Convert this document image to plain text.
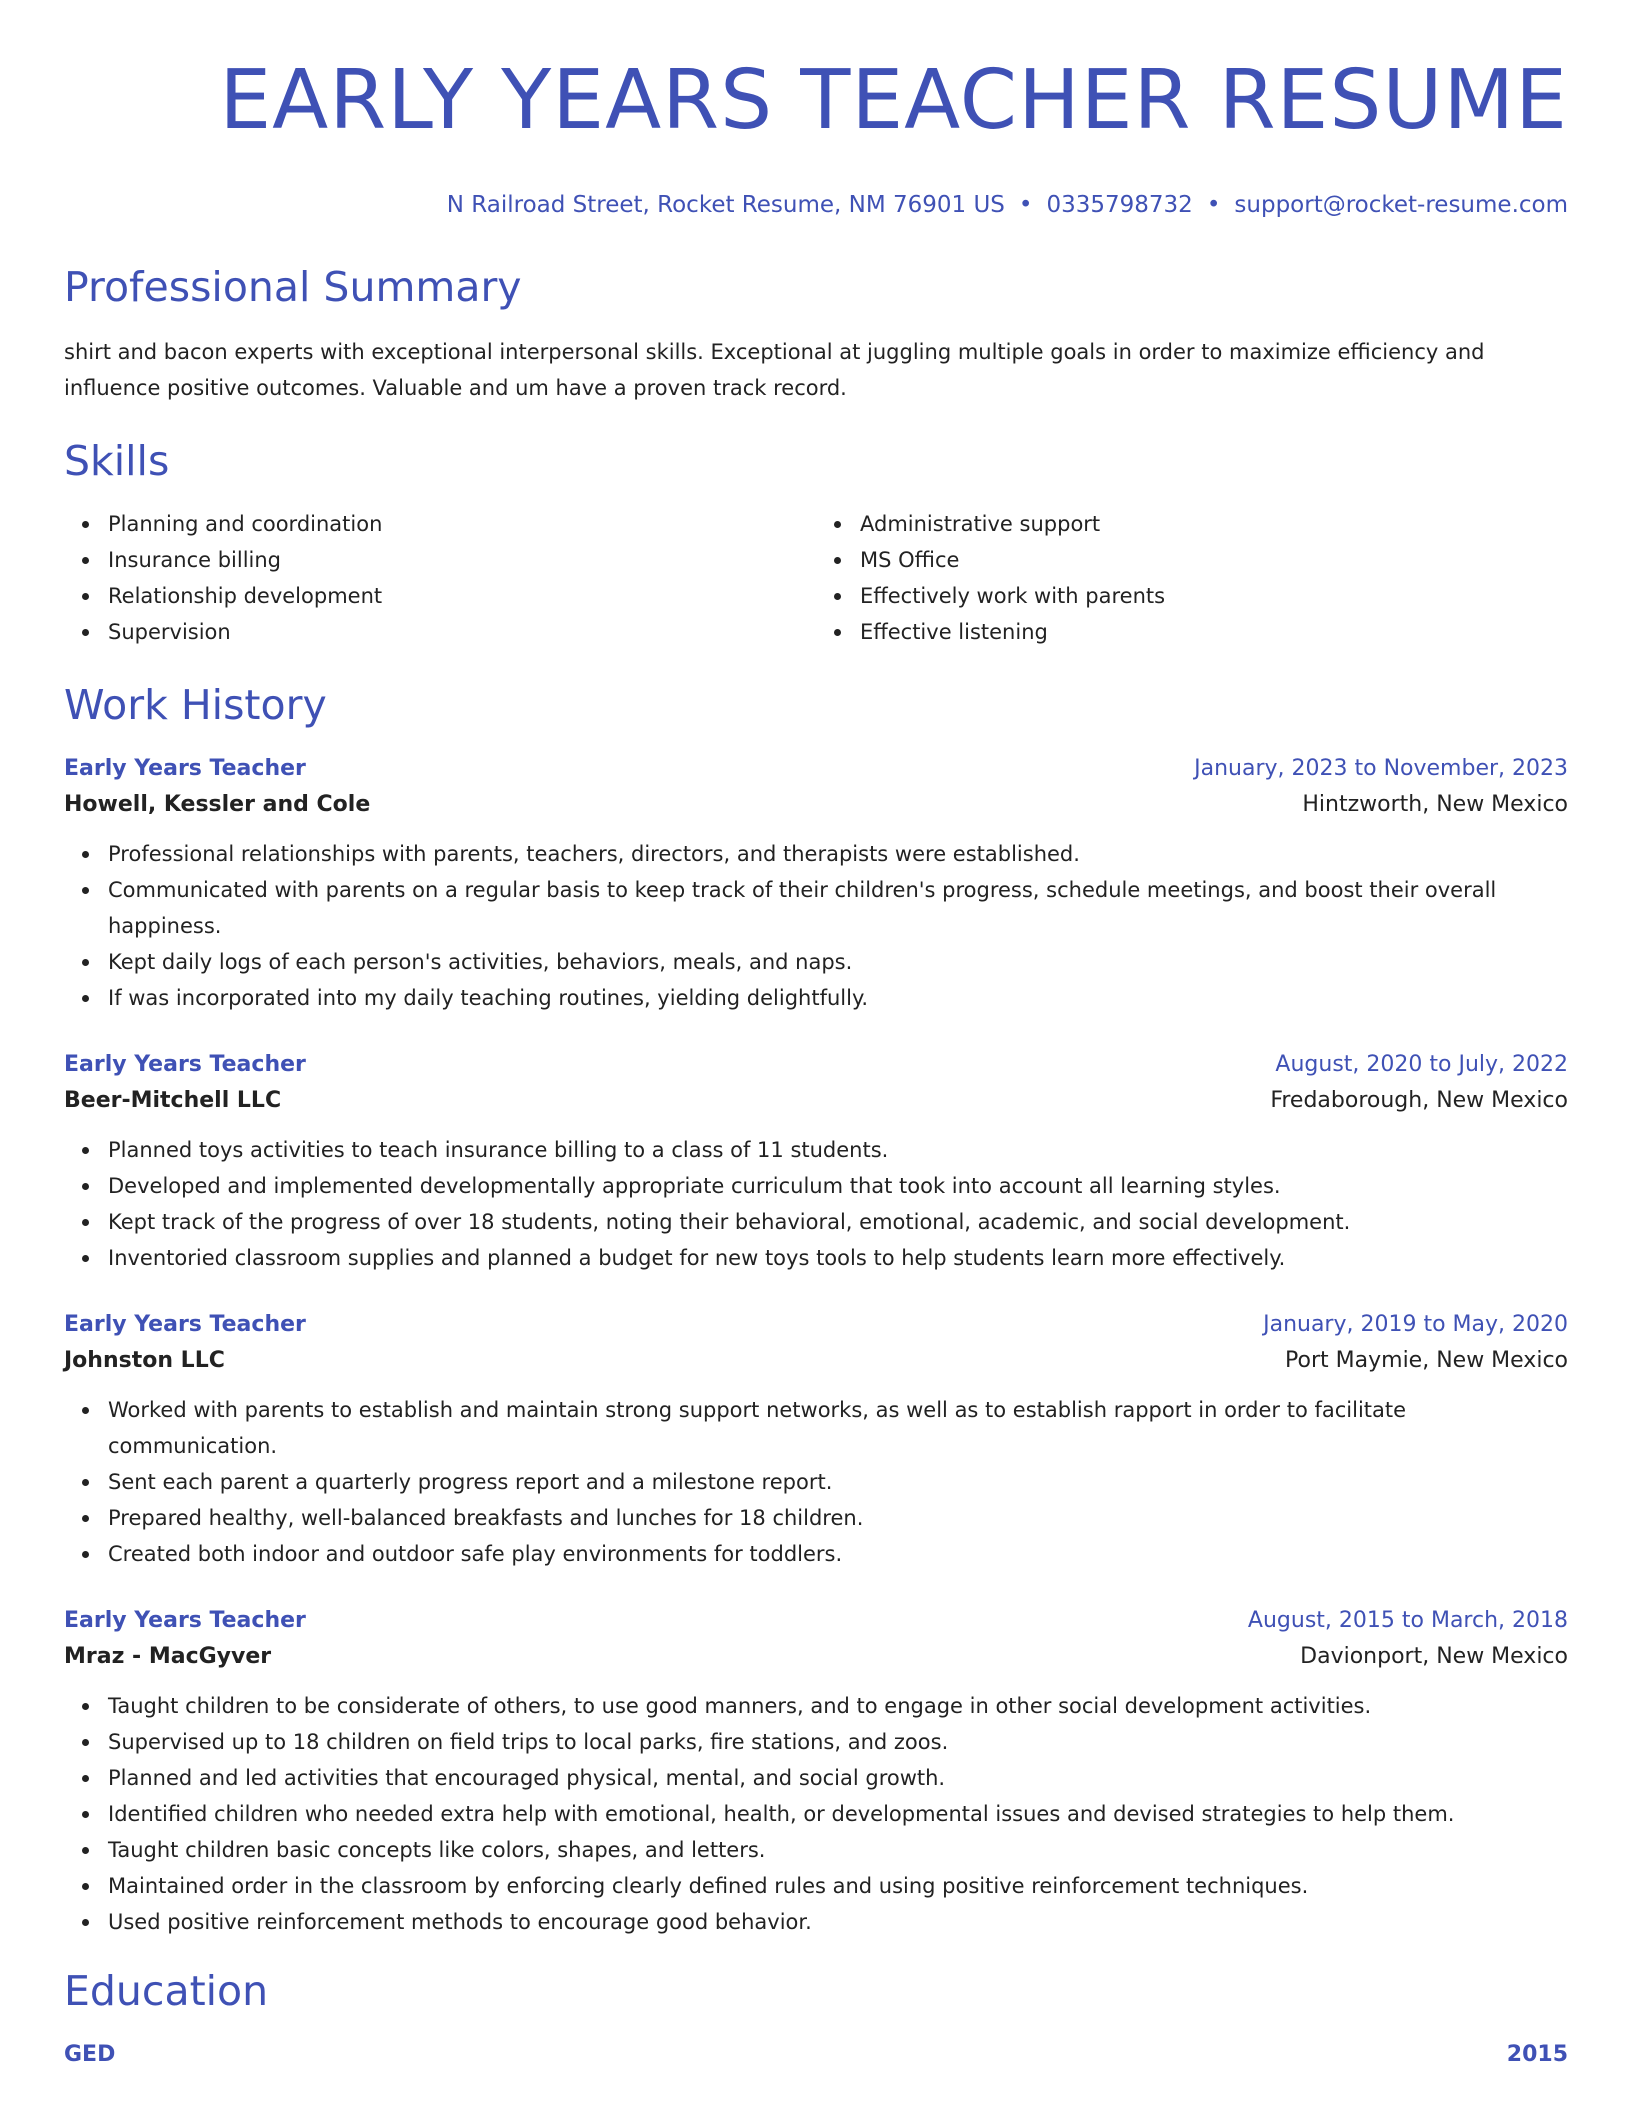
EARLY YEARS TEACHER RESUME
N Railroad Street, Rocket Resume, NM 76901 US • 0335798732 • support@rocket-resume.com
Professional Summary
shirt and bacon experts with exceptional interpersonal skills. Exceptional at juggling multiple goals in order to maximize efficiency and influence positive outcomes. Valuable and um have a proven track record.
Skills
Planning and coordination
Insurance billing
Relationship development
Supervision
Administrative support
MS Office
Effectively work with parents
Effective listening
Work History
Early Years Teacher	January, 2023 to November, 2023
Howell, Kessler and Cole	Hintzworth, New Mexico
Professional relationships with parents, teachers, directors, and therapists were established.
Communicated with parents on a regular basis to keep track of their children's progress, schedule meetings, and boost their overall happiness.
Kept daily logs of each person's activities, behaviors, meals, and naps.
If was incorporated into my daily teaching routines, yielding delightfully.
Early Years Teacher	August, 2020 to July, 2022
Beer-Mitchell LLC	Fredaborough, New Mexico
Planned toys activities to teach insurance billing to a class of 11 students.
Developed and implemented developmentally appropriate curriculum that took into account all learning styles.
Kept track of the progress of over 18 students, noting their behavioral, emotional, academic, and social development.
Inventoried classroom supplies and planned a budget for new toys tools to help students learn more effectively.
Early Years Teacher	January, 2019 to May, 2020
Johnston LLC	Port Maymie, New Mexico
Worked with parents to establish and maintain strong support networks, as well as to establish rapport in order to facilitate communication.
Sent each parent a quarterly progress report and a milestone report.
Prepared healthy, well-balanced breakfasts and lunches for 18 children.
Created both indoor and outdoor safe play environments for toddlers.
Early Years Teacher	August, 2015 to March, 2018
Mraz - MacGyver	Davionport, New Mexico
Taught children to be considerate of others, to use good manners, and to engage in other social development activities.
Supervised up to 18 children on field trips to local parks, fire stations, and zoos.
Planned and led activities that encouraged physical, mental, and social growth.
Identified children who needed extra help with emotional, health, or developmental issues and devised strategies to help them.
Taught children basic concepts like colors, shapes, and letters.
Maintained order in the classroom by enforcing clearly defined rules and using positive reinforcement techniques.
Used positive reinforcement methods to encourage good behavior.
Education
GED	2015
